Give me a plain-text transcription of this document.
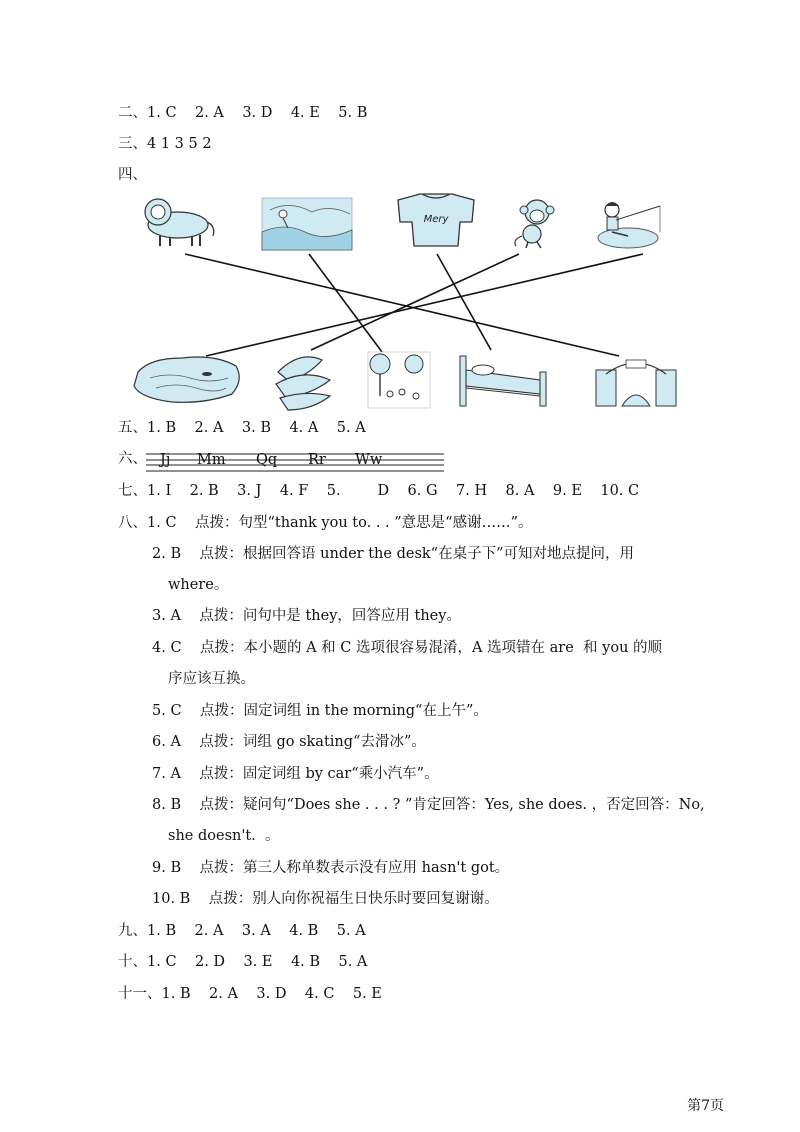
二、1. C    2. A    3. D    4. E    5. B
三、4 1 3 5 2
四、
Mery
五、1. B    2. A    3. B    4. A    5. A
六、 Jj Mm Qq Rr Ww
七、1. I    2. B    3. J    4. F    5.        D    6. G    7. H    8. A    9. E    10. C
八、1. C    点拨：句型“thank you to. . . ”意思是“感谢……”。
2. B    点拨：根据回答语 under the desk“在桌子下”可知对地点提问，用
where。
3. A    点拨：问句中是 they，回答应用 they。
4. C    点拨：本小题的 A 和 C 选项很容易混淆，A 选项错在 are  和 you 的顺
序应该互换。
5. C    点拨：固定词组 in the morning“在上午”。
6. A    点拨：词组 go skating“去滑冰”。
7. A    点拨：固定词组 by car“乘小汽车”。
8. B    点拨：疑问句“Does she . . . ? ”肯定回答：Yes, she does. ，否定回答：No,
she doesn't.  。
9. B    点拨：第三人称单数表示没有应用 hasn't got。
10. B    点拨：别人向你祝福生日快乐时要回复谢谢。
九、1. B    2. A    3. A    4. B    5. A
十、1. C    2. D    3. E    4. B    5. A
十一、1. B    2. A    3. D    4. C    5. E
第7页
